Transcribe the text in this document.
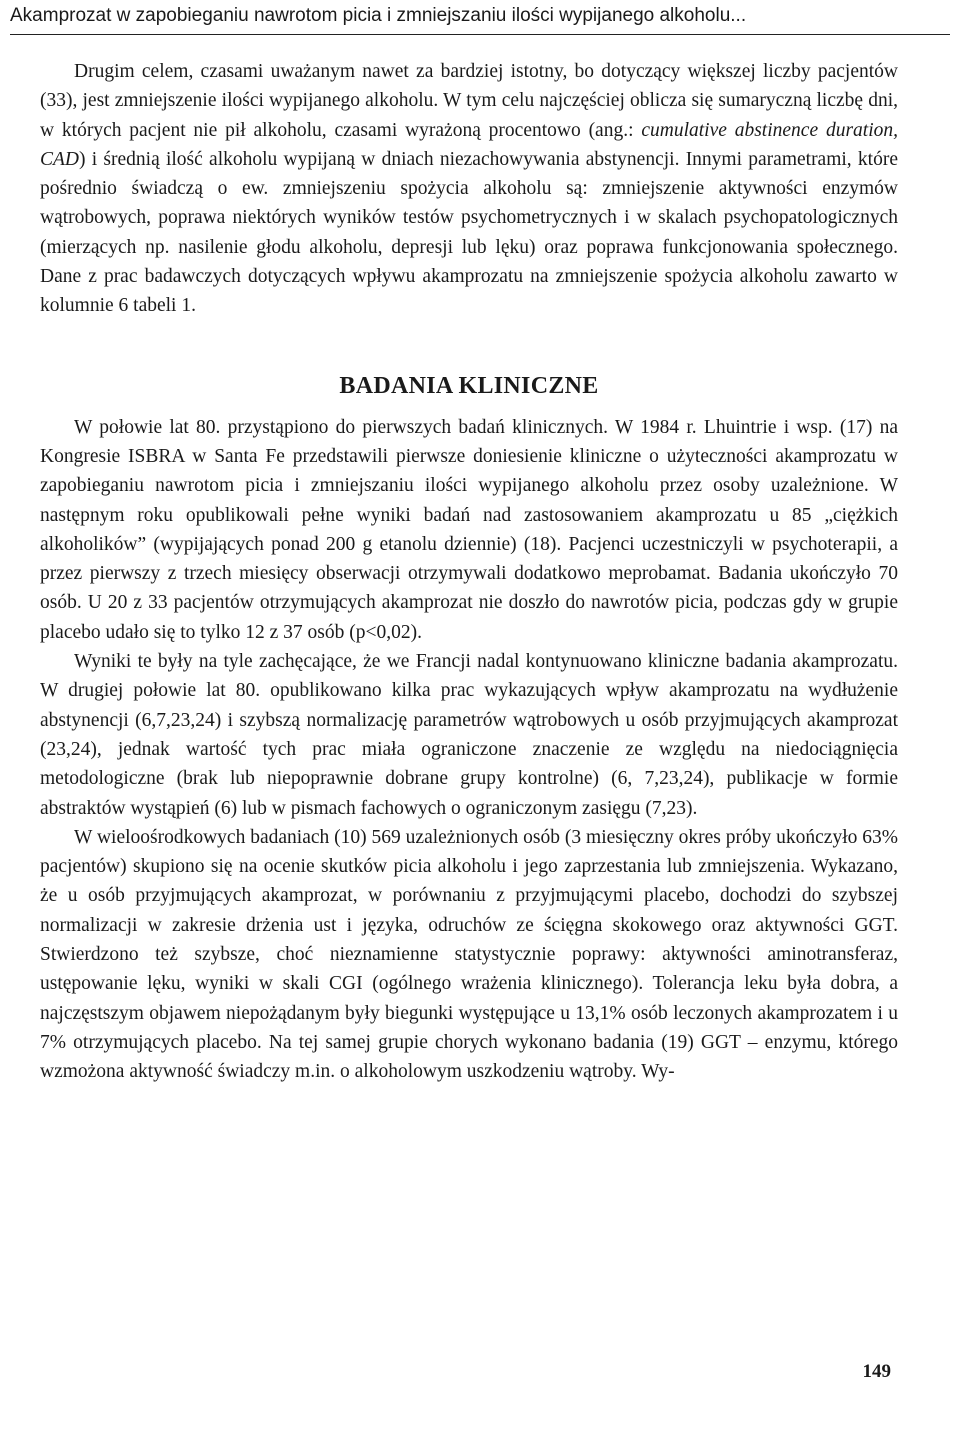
Akamprozat w zapobieganiu nawrotom picia i zmniejszaniu ilości wypijanego alkoholu...

Drugim celem, czasami uważanym nawet za bardziej istotny, bo dotyczący większej liczby pacjentów (33), jest zmniejszenie ilości wypijanego alkoholu. W tym celu najczęściej oblicza się sumaryczną liczbę dni, w których pacjent nie pił alkoholu, czasami wyrażoną procentowo (ang.: cumulative abstinence duration, CAD) i średnią ilość alkoholu wypijaną w dniach niezachowywania abstynencji. Innymi parametrami, które pośrednio świadczą o ew. zmniejszeniu spożycia alkoholu są: zmniejszenie aktywności enzymów wątrobowych, poprawa niektórych wyników testów psychometrycznych i w skalach psychopatologicznych (mierzących np. nasilenie głodu alkoholu, depresji lub lęku) oraz poprawa funkcjonowania społecznego. Dane z prac badawczych dotyczących wpływu akamprozatu na zmniejszenie spożycia alkoholu zawarto w kolumnie 6 tabeli 1.

BADANIA KLINICZNE

W połowie lat 80. przystąpiono do pierwszych badań klinicznych. W 1984 r. Lhuintrie i wsp. (17) na Kongresie ISBRA w Santa Fe przedstawili pierwsze doniesienie kliniczne o użyteczności akamprozatu w zapobieganiu nawrotom picia i zmniejszaniu ilości wypijanego alkoholu przez osoby uzależnione. W następnym roku opublikowali pełne wyniki badań nad zastosowaniem akamprozatu u 85 „ciężkich alkoholików” (wypijających ponad 200 g etanolu dziennie) (18). Pacjenci uczestniczyli w psychoterapii, a przez pierwszy z trzech miesięcy obserwacji otrzymywali dodatkowo meprobamat. Badania ukończyło 70 osób. U 20 z 33 pacjentów otrzymujących akamprozat nie doszło do nawrotów picia, podczas gdy w grupie placebo udało się to tylko 12 z 37 osób (p<0,02).

Wyniki te były na tyle zachęcające, że we Francji nadal kontynuowano kliniczne badania akamprozatu. W drugiej połowie lat 80. opublikowano kilka prac wykazujących wpływ akamprozatu na wydłużenie abstynencji (6,7,23,24) i szybszą normalizację parametrów wątrobowych u osób przyjmujących akamprozat (23,24), jednak wartość tych prac miała ograniczone znaczenie ze względu na niedociągnięcia metodologiczne (brak lub niepoprawnie dobrane grupy kontrolne) (6, 7,23,24), publikacje w formie abstraktów wystąpień (6) lub w pismach fachowych o ograniczonym zasięgu (7,23).

W wieloośrodkowych badaniach (10) 569 uzależnionych osób (3 miesięczny okres próby ukończyło 63% pacjentów) skupiono się na ocenie skutków picia alkoholu i jego zaprzestania lub zmniejszenia. Wykazano, że u osób przyjmujących akamprozat, w porównaniu z przyjmującymi placebo, dochodzi do szybszej normalizacji w zakresie drżenia ust i języka, odruchów ze ścięgna skokowego oraz aktywności GGT. Stwierdzono też szybsze, choć nieznamienne statystycznie poprawy: aktywności aminotransferaz, ustępowanie lęku, wyniki w skali CGI (ogólnego wrażenia klinicznego). Tolerancja leku była dobra, a najczęstszym objawem niepożądanym były biegunki występujące u 13,1% osób leczonych akamprozatem i u 7% otrzymujących placebo. Na tej samej grupie chorych wykonano badania (19) GGT – enzymu, którego wzmożona aktywność świadczy m.in. o alkoholowym uszkodzeniu wątroby. Wy-

149
